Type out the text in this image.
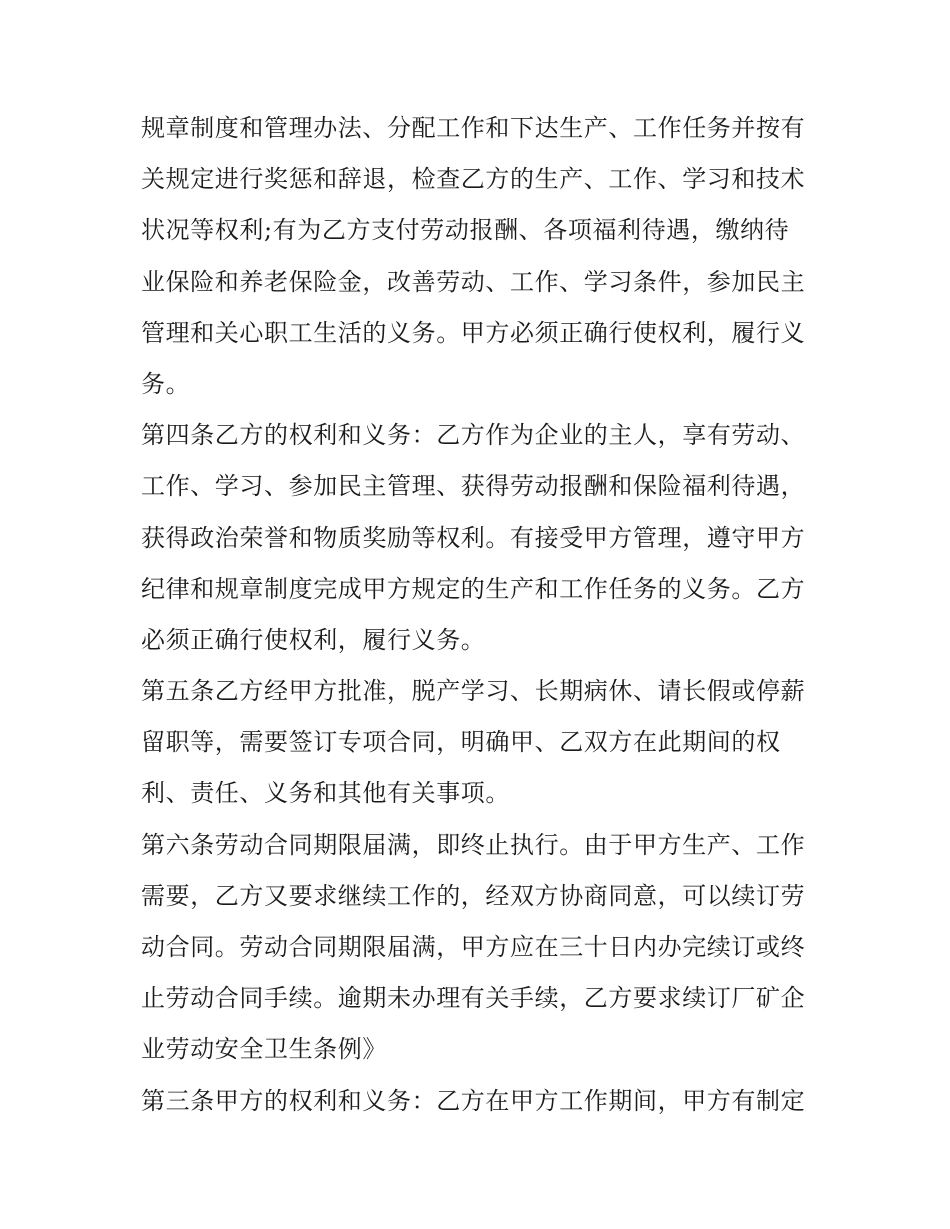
规章制度和管理办法、分配工作和下达生产、工作任务并按有
关规定进行奖惩和辞退，检查乙方的生产、工作、学习和技术
状况等权利;有为乙方支付劳动报酬、各项福利待遇，缴纳待
业保险和养老保险金，改善劳动、工作、学习条件，参加民主
管理和关心职工生活的义务。甲方必须正确行使权利，履行义
务。
第四条乙方的权利和义务：乙方作为企业的主人，享有劳动、
工作、学习、参加民主管理、获得劳动报酬和保险福利待遇，
获得政治荣誉和物质奖励等权利。有接受甲方管理，遵守甲方
纪律和规章制度完成甲方规定的生产和工作任务的义务。乙方
必须正确行使权利，履行义务。
第五条乙方经甲方批准，脱产学习、长期病休、请长假或停薪
留职等，需要签订专项合同，明确甲、乙双方在此期间的权
利、责任、义务和其他有关事项。
第六条劳动合同期限届满，即终止执行。由于甲方生产、工作
需要，乙方又要求继续工作的，经双方协商同意，可以续订劳
动合同。劳动合同期限届满，甲方应在三十日内办完续订或终
止劳动合同手续。逾期未办理有关手续，乙方要求续订厂矿企
业劳动安全卫生条例》
第三条甲方的权利和义务：乙方在甲方工作期间，甲方有制定
